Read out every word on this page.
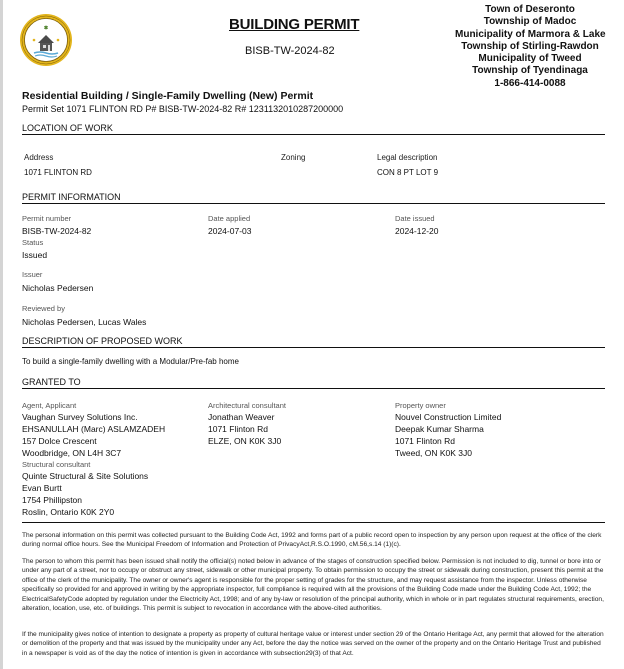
BUILDING PERMIT
BISB-TW-2024-82
Town of Deseronto
Township of Madoc
Municipality of Marmora & Lake
Township of Stirling-Rawdon
Municipality of Tweed
Township of Tyendinaga
1-866-414-0088
Residential Building / Single-Family Dwelling (New) Permit
Permit Set 1071 FLINTON RD P# BISB-TW-2024-82 R# 1231132010287200000
LOCATION OF WORK
Address
1071 FLINTON RD
Zoning	Legal description
CON 8 PT LOT 9
PERMIT INFORMATION
Permit number
BISB-TW-2024-82
Date applied
2024-07-03
Date issued
2024-12-20
Status
Issued
Issuer
Nicholas Pedersen
Reviewed by
Nicholas Pedersen, Lucas Wales
DESCRIPTION OF PROPOSED WORK
To build a single-family dwelling with a Modular/Pre-fab home
GRANTED TO
Agent, Applicant
Vaughan Survey Solutions Inc.
EHSANULLAH (Marc) ASLAMZADEH
157 Dolce Crescent
Woodbridge, ON L4H 3C7
Structural consultant
Quinte Structural & Site Solutions
Evan Burtt
1754 Phillipston
Roslin, Ontario K0K 2Y0
Architectural consultant
Jonathan Weaver
1071 Flinton Rd
ELZE, ON K0K 3J0
Property owner
Nouvel Construction Limited
Deepak Kumar Sharma
1071 Flinton Rd
Tweed, ON K0K 3J0
The personal information on this permit was collected pursuant to the Building Code Act, 1992 and forms part of a public record open to inspection by any person upon request at the office of the clerk during normal office hours. See the Municipal Freedom of Information and Protection of PrivacyAct,R.S.O.1990, cM.56,s.14 (1)(c).
The person to whom this permit has been issued shall notify the official(s) noted below in advance of the stages of construction specified below. Permission is not included to dig, tunnel or bore into or under any part of a street, nor to occupy or obstruct any street, sidewalk or other municipal property. To obtain permission to occupy the street or sidewalk during construction, present this permit at the office of the clerk of the municipality. The owner or owner's agent is responsible for the proper setting of grades for the structure, and may request assistance from the inspector. Unless otherwise specifically so provided for and approved in writing by the appropriate inspector, full compliance is required with all the provisions of the Building Code made under the Building Code Act, 1992; the ElectricalSafetyCode adopted by regulation under the Electricity Act, 1998; and of any by-law or resolution of the principal authority, which in whole or in part regulates structural requirements, erection, alteration, location, use, etc. of buildings. This permit is subject to revocation in accordance with the above-cited authorities.
If the municipality gives notice of intention to designate a property as property of cultural heritage value or interest under section 29 of the Ontario Heritage Act, any permit that allowed for the alteration or demolition of the property and that was issued by the municipality under any Act, before the day the notice was served on the owner of the property and on the Ontario Heritage Trust and published in a newspaper is void as of the day the notice of intention is given in accordance with subsection29(3) of that Act.
